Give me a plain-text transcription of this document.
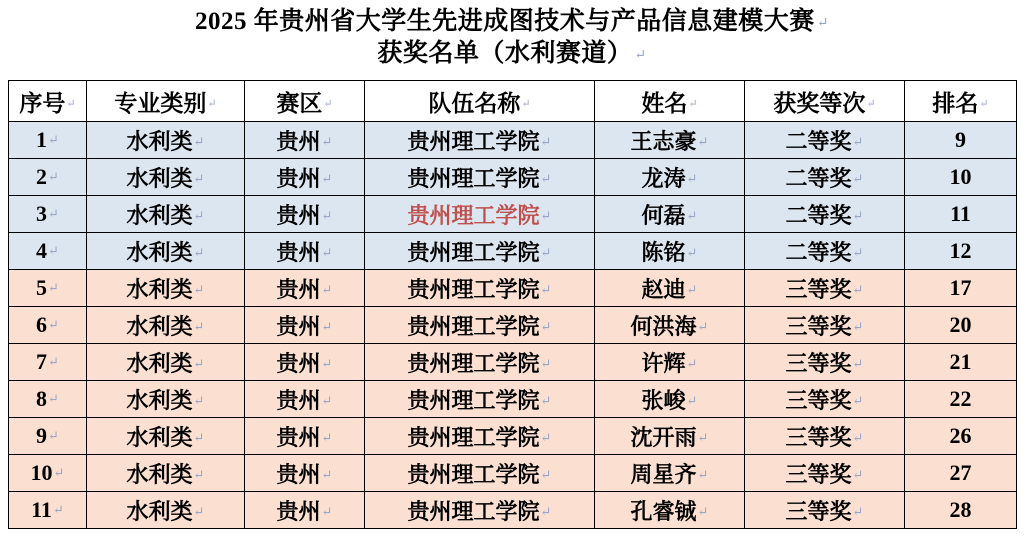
2025 年贵州省大学生先进成图技术与产品信息建模大赛 ↵
获奖名单（水利赛道） ↵
序号↵	专业类别↵	赛区↵	队伍名称↵	姓名↵	获奖等次↵	排名↵
1↵	水利类↵	贵州↵	贵州理工学院↵	王志豪↵	二等奖↵	9
2↵	水利类↵	贵州↵	贵州理工学院↵	龙涛↵	二等奖↵	10
3↵	水利类↵	贵州↵	贵州理工学院↵	何磊↵	二等奖↵	11
4↵	水利类↵	贵州↵	贵州理工学院↵	陈铭↵	二等奖↵	12
5↵	水利类↵	贵州↵	贵州理工学院↵	赵迪↵	三等奖↵	17
6↵	水利类↵	贵州↵	贵州理工学院↵	何洪海↵	三等奖↵	20
7↵	水利类↵	贵州↵	贵州理工学院↵	许辉↵	三等奖↵	21
8↵	水利类↵	贵州↵	贵州理工学院↵	张峻↵	三等奖↵	22
9↵	水利类↵	贵州↵	贵州理工学院↵	沈开雨↵	三等奖↵	26
10↵	水利类↵	贵州↵	贵州理工学院↵	周星齐↵	三等奖↵	27
11↵	水利类↵	贵州↵	贵州理工学院↵	孔睿铖↵	三等奖↵	28
